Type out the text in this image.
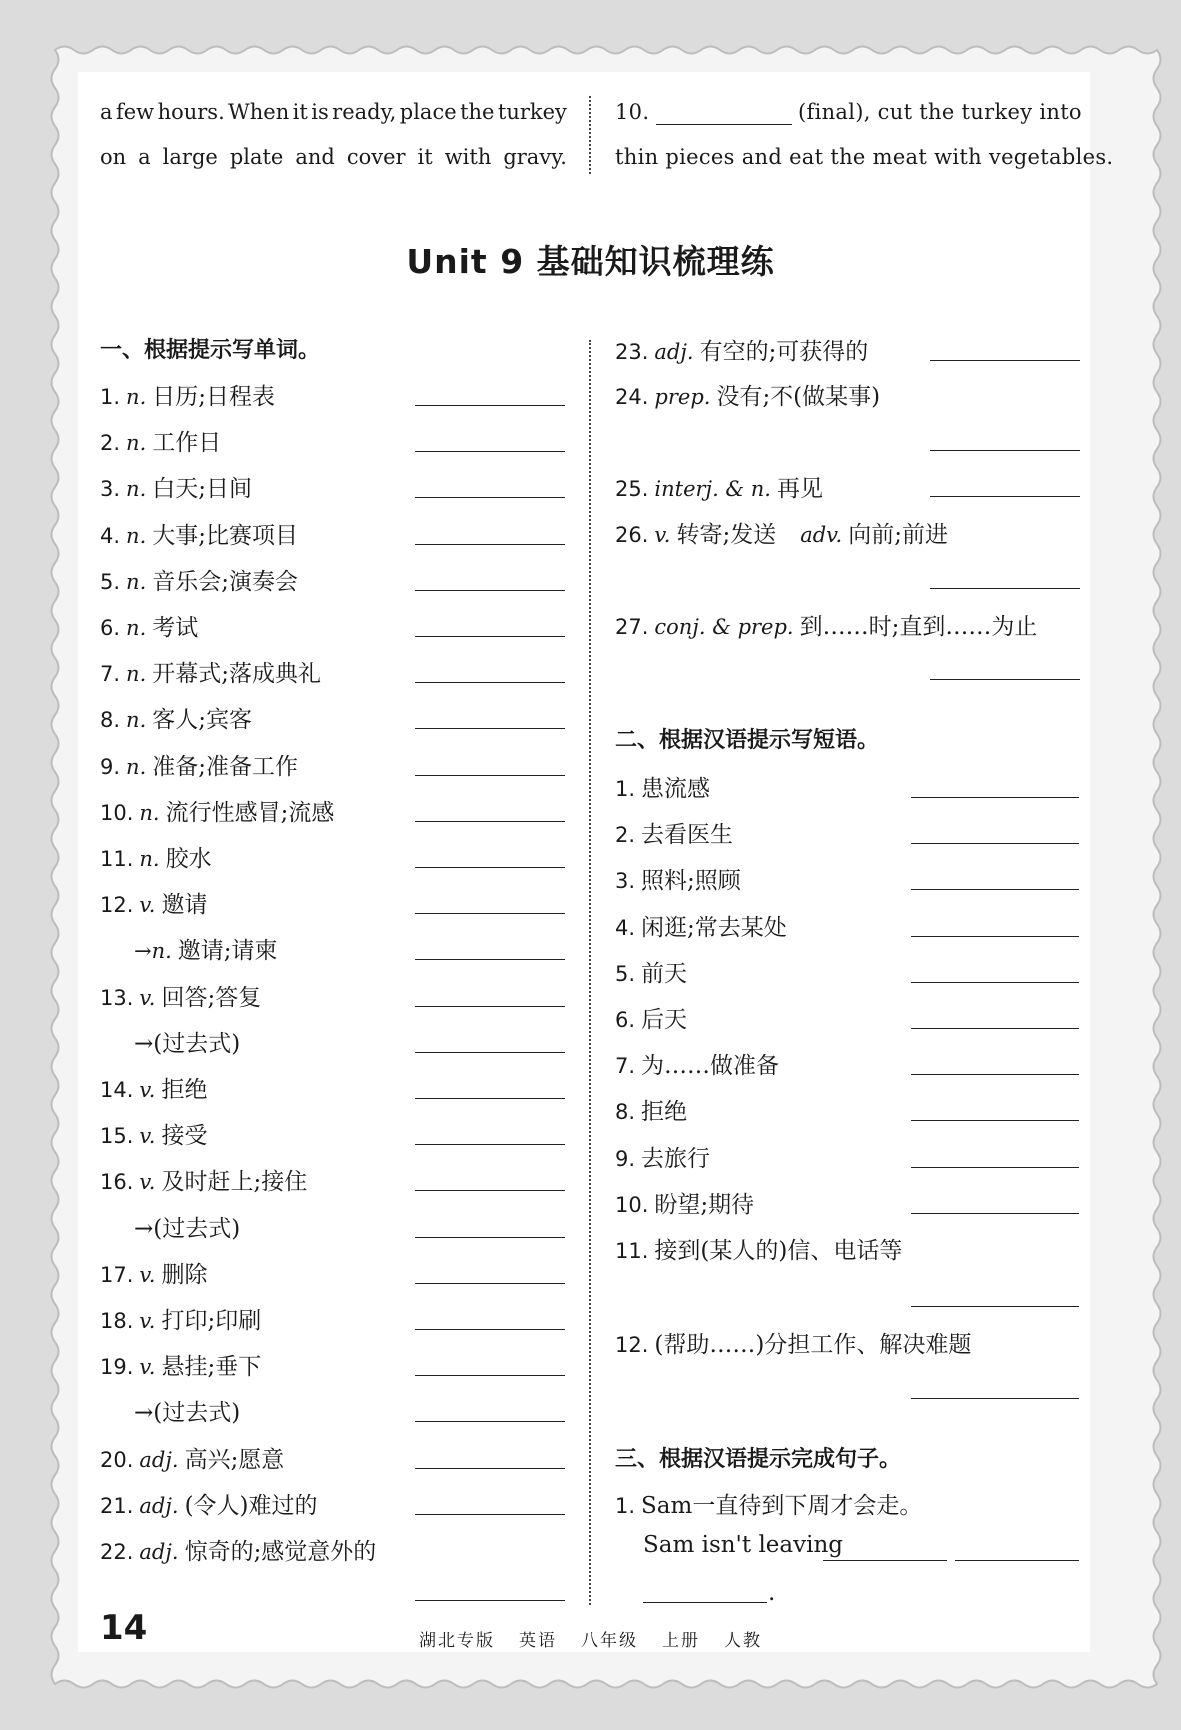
a few hours. When it is ready, place the turkey
on a large plate and cover it with gravy.
10.	(final), cut the turkey into
thin pieces and eat the meat with vegetables.
Unit 9 基础知识梳理练
一、根据提示写单词。
1. n. 日历;日程表
2. n. 工作日
3. n. 白天;日间
4. n. 大事;比赛项目
5. n. 音乐会;演奏会
6. n. 考试
7. n. 开幕式;落成典礼
8. n. 客人;宾客
9. n. 准备;准备工作
10. n. 流行性感冒;流感
11. n. 胶水
12. v. 邀请
→n. 邀请;请柬
13. v. 回答;答复
→(过去式)
14. v. 拒绝
15. v. 接受
16. v. 及时赶上;接住
→(过去式)
17. v. 删除
18. v. 打印;印刷
19. v. 悬挂;垂下
→(过去式)
20. adj. 高兴;愿意
21. adj. (令人)难过的
22. adj. 惊奇的;感觉意外的
23. adj. 有空的;可获得的
24. prep. 没有;不(做某事)
25. interj. & n. 再见
26. v. 转寄;发送 adv. 向前;前进
27. conj. & prep. 到……时;直到……为止
二、根据汉语提示写短语。
1. 患流感
2. 去看医生
3. 照料;照顾
4. 闲逛;常去某处
5. 前天
6. 后天
7. 为……做准备
8. 拒绝
9. 去旅行
10. 盼望;期待
11. 接到(某人的)信、电话等
12. (帮助……)分担工作、解决难题
三、根据汉语提示完成句子。
1. Sam一直待到下周才会走。
Sam isn't leaving
.
14	湖北专版 英语 八年级 上册 人教
